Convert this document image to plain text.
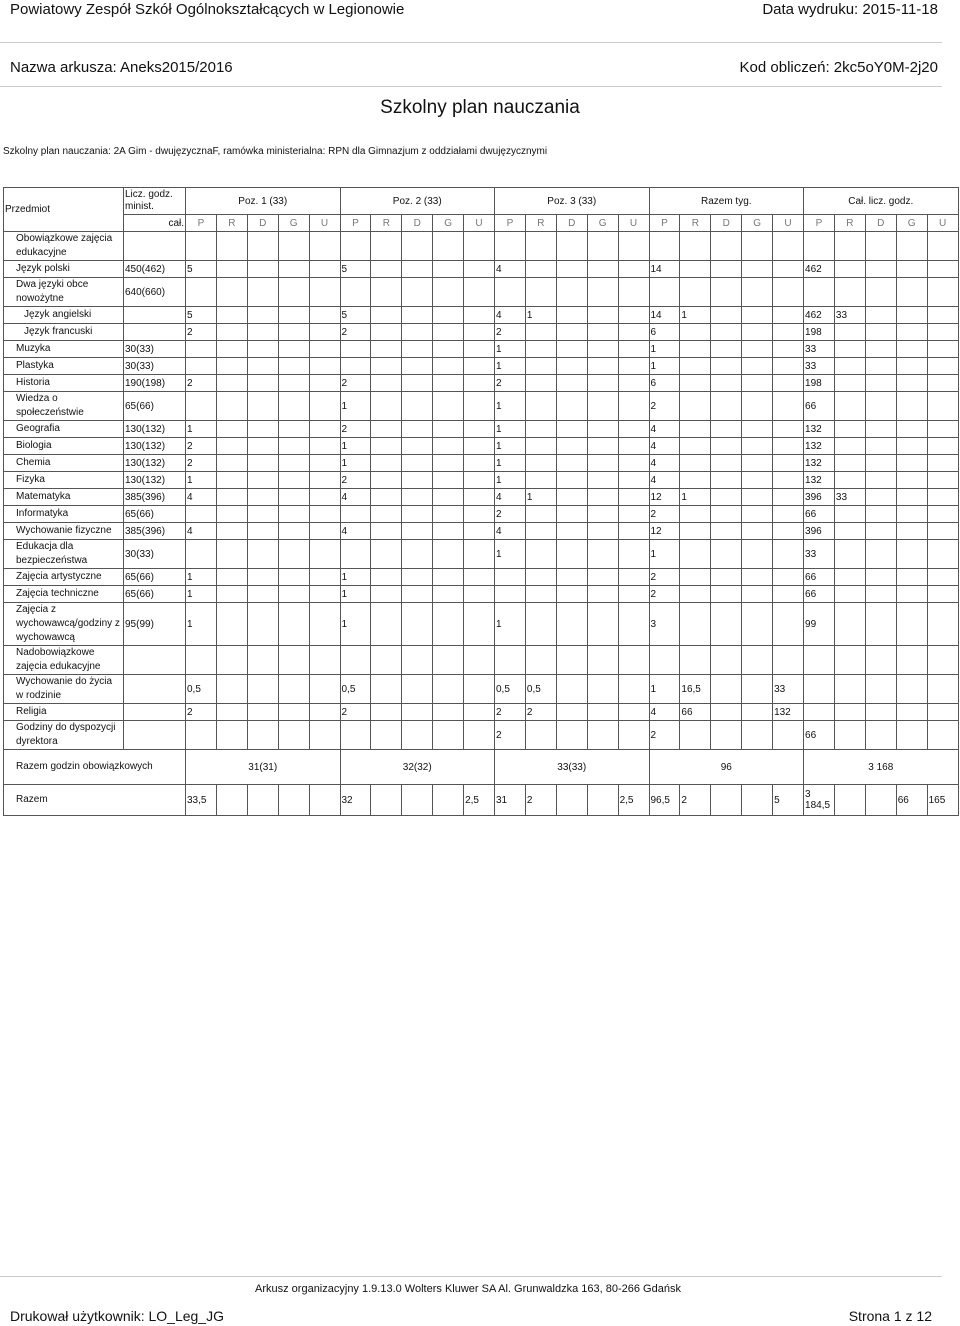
Powiatowy Zespół Szkół Ogólnokształcących w Legionowie	Data wydruku: 2015-11-18
Nazwa arkusza: Aneks2015/2016	Kod obliczeń: 2kc5oY0M-2j20
Szkolny plan nauczania
Szkolny plan nauczania: 2A Gim - dwujęzycznaF, ramówka ministerialna: RPN dla Gimnazjum z oddziałami dwujęzycznymi
Przedmiot	Licz. godz. minist.	Poz. 1 (33)					Poz. 2 (33)					Poz. 3 (33)					Razem tyg.					Cał. licz. godz.				
	cał.	P	R	D	G	U	P	R	D	G	U	P	R	D	G	U	P	R	D	G	U	P	R	D	G	U
Obowiązkowe zajęcia edukacyjne																										
Język polski	450(462)	5					5					4					14					462				
Dwa języki obce nowożytne	640(660)																									
Język angielski		5					5					4	1				14	1				462	33			
Język francuski		2					2					2					6					198				
Muzyka	30(33)											1					1					33				
Plastyka	30(33)											1					1					33				
Historia	190(198)	2					2					2					6					198				
Wiedza o społeczeństwie	65(66)						1					1					2					66				
Geografia	130(132)	1					2					1					4					132				
Biologia	130(132)	2					1					1					4					132				
Chemia	130(132)	2					1					1					4					132				
Fizyka	130(132)	1					2					1					4					132				
Matematyka	385(396)	4					4					4	1				12	1				396	33			
Informatyka	65(66)											2					2					66				
Wychowanie fizyczne	385(396)	4					4					4					12					396				
Edukacja dla bezpieczeństwa	30(33)											1					1					33				
Zajęcia artystyczne	65(66)	1					1										2					66				
Zajęcia techniczne	65(66)	1					1										2					66				
Zajęcia z wychowawcą/godziny z wychowawcą	95(99)	1					1					1					3					99				
Nadobowiązkowe zajęcia edukacyjne																										
Wychowanie do życia w rodzinie		0,5					0,5					0,5	0,5				1	16,5			33					
Religia		2					2					2	2				4	66			132					
Godziny do dyspozycji dyrektora												2					2					66				
Razem godzin obowiązkowych		31(31)					32(32)					33(33)					96					3 168				
Razem		33,5					32				2,5	31	2			2,5	96,5	2			5	3 184,5			66	165
Arkusz organizacyjny 1.9.13.0 Wolters Kluwer SA Al. Grunwaldzka 163, 80-266 Gdańsk
Drukował użytkownik: LO_Leg_JG	Strona 1 z 12
